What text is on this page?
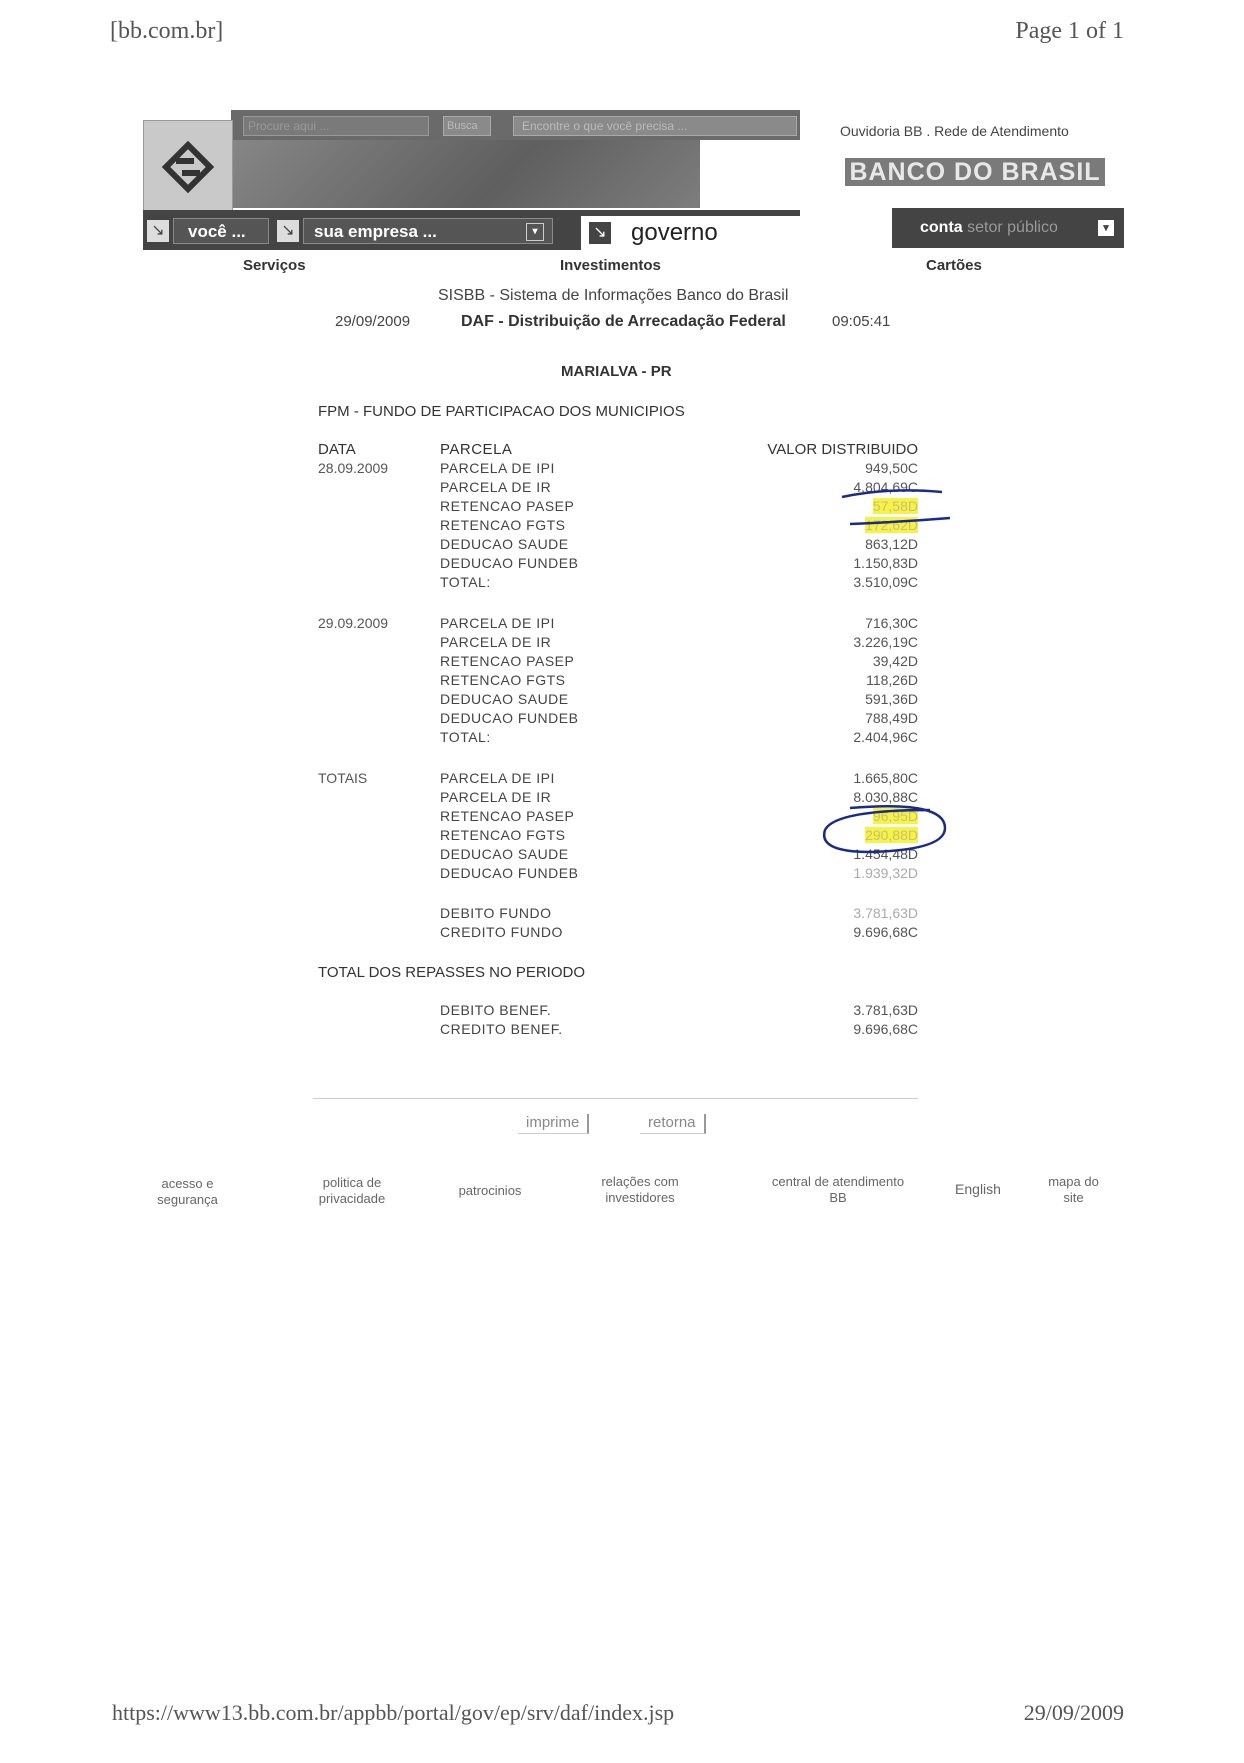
[bb.com.br]	Page 1 of 1
Procure aqui ...	Busca	Encontre o que você precisa ...
↘	você ...	↘	sua empresa ...	▾	↘ governo
Ouvidoria BB . Rede de Atendimento
BANCO DO BRASIL
conta setor público	▾
Serviços	Investimentos	Cartões
SISBB - Sistema de Informações Banco do Brasil
29/09/2009	DAF - Distribuição de Arrecadação Federal	09:05:41
MARIALVA - PR
FPM - FUNDO DE PARTICIPACAO DOS MUNICIPIOS
DATA	PARCELA	VALOR DISTRIBUIDO
28.09.2009	PARCELA DE IPI	949,50C
PARCELA DE IR	4.804,69C
RETENCAO PASEP	57,58D
RETENCAO FGTS	172,62D
DEDUCAO SAUDE	863,12D
DEDUCAO FUNDEB	1.150,83D
TOTAL:	3.510,09C
29.09.2009	PARCELA DE IPI	716,30C
PARCELA DE IR	3.226,19C
RETENCAO PASEP	39,42D
RETENCAO FGTS	118,26D
DEDUCAO SAUDE	591,36D
DEDUCAO FUNDEB	788,49D
TOTAL:	2.404,96C
TOTAIS	PARCELA DE IPI	1.665,80C
PARCELA DE IR	8.030,88C
RETENCAO PASEP	96,95D
RETENCAO FGTS	290,88D
DEDUCAO SAUDE	1.454,48D
DEDUCAO FUNDEB	1.939,32D
DEBITO FUNDO	3.781,63D
CREDITO FUNDO	9.696,68C
TOTAL DOS REPASSES NO PERIODO
DEBITO BENEF.	3.781,63D
CREDITO BENEF.	9.696,68C
imprime	retorna
acesso e
segurança
politica de
privacidade
patrocinios
relações com
investidores
central de atendimento
BB
English	mapa do
site
https://www13.bb.com.br/appbb/portal/gov/ep/srv/daf/index.jsp	29/09/2009
